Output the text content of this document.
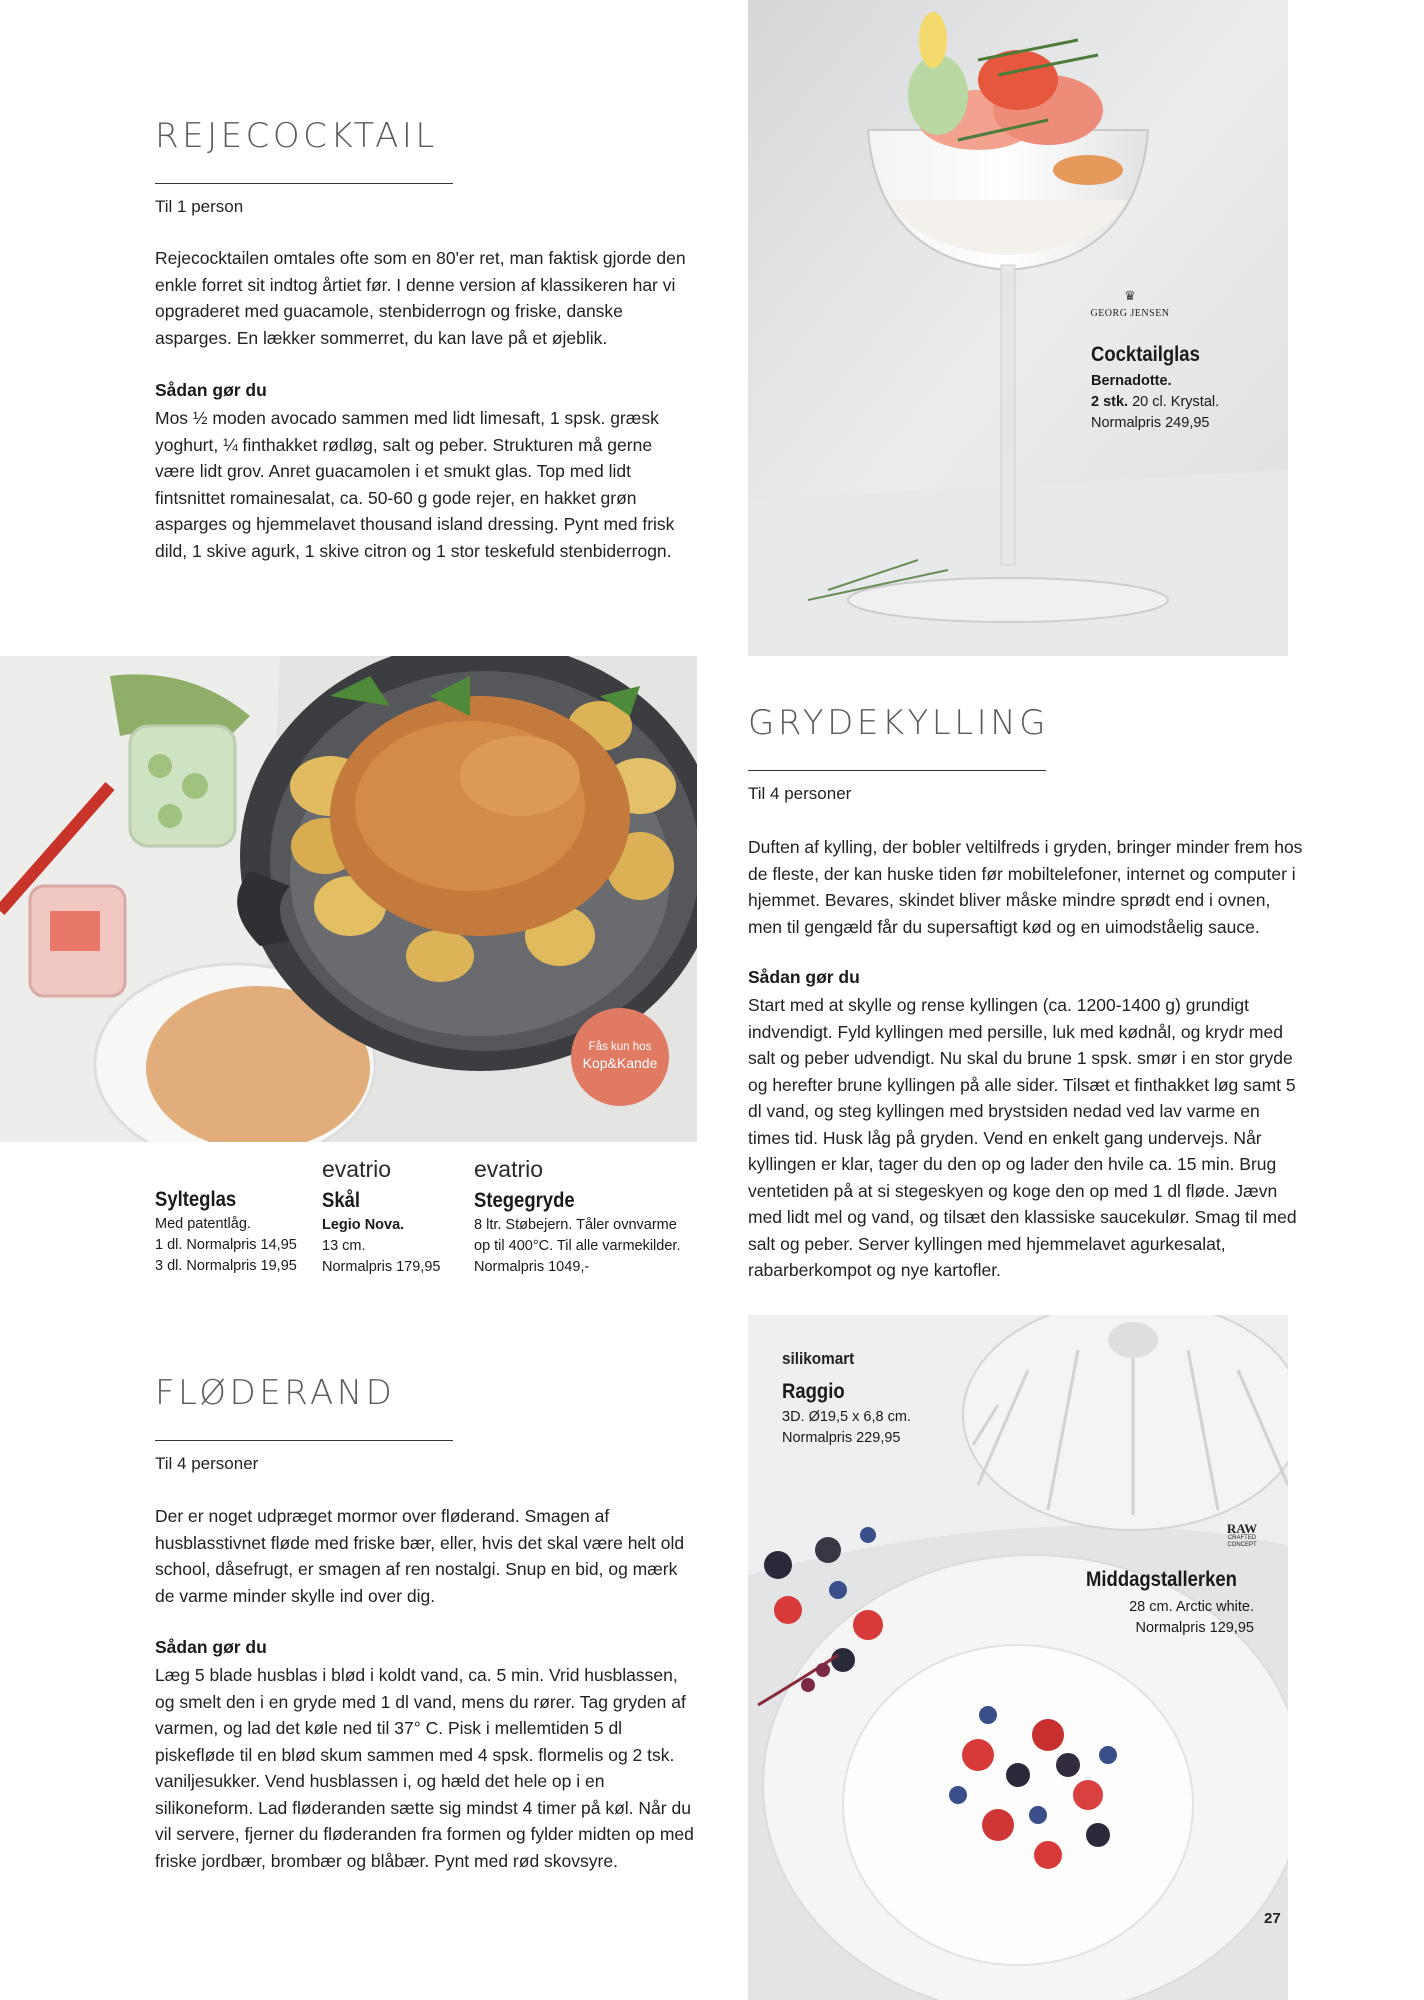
REJECOCKTAIL
Til 1 person
Rejecocktailen omtales ofte som en 80'er ret, man faktisk gjorde den enkle forret sit indtog årtiet før. I denne version af klassikeren har vi opgraderet med guacamole, stenbiderrogn og friske, danske asparges. En lækker sommerret, du kan lave på et øjeblik.
Sådan gør du
Mos ½ moden avocado sammen med lidt limesaft, 1 spsk. græsk yoghurt, ¼ finthakket rødløg, salt og peber. Strukturen må gerne være lidt grov. Anret guacamolen i et smukt glas. Top med lidt fintsnittet romainesalat, ca. 50-60 g gode rejer, en hakket grøn asparges og hjemmelavet thousand island dressing. Pynt med frisk dild, 1 skive agurk, 1 skive citron og 1 stor teskefuld stenbiderrogn.
♛
GEORG JENSEN
Cocktailglas
Bernadotte.
2 stk. 20 cl. Krystal.
Normalpris 249,95
Fås kun hos
Kop&Kande
Sylteglas
Med patentlåg.
1 dl. Normalpris 14,95
3 dl. Normalpris 19,95
evatrio
Skål
Legio Nova.
13 cm.
Normalpris 179,95
evatrio
Stegegryde
8 ltr. Støbejern. Tåler ovnvarme
op til 400°C. Til alle varmekilder.
Normalpris 1049,-
GRYDEKYLLING
Til 4 personer
Duften af kylling, der bobler veltilfreds i gryden, bringer minder frem hos de fleste, der kan huske tiden før mobiltelefoner, internet og computer i hjemmet. Bevares, skindet bliver måske mindre sprødt end i ovnen, men til gengæld får du supersaftigt kød og en uimodståelig sauce.
Sådan gør du
Start med at skylle og rense kyllingen (ca. 1200-1400 g) grundigt indvendigt. Fyld kyllingen med persille, luk med kødnål, og krydr med salt og peber udvendigt. Nu skal du brune 1 spsk. smør i en stor gryde og herefter brune kyllingen på alle sider. Tilsæt et finthakket løg samt 5 dl vand, og steg kyllingen med brystsiden nedad ved lav varme en times tid. Husk låg på gryden. Vend en enkelt gang undervejs. Når kyllingen er klar, tager du den op og lader den hvile ca. 15 min. Brug ventetiden på at si stegeskyen og koge den op med 1 dl fløde. Jævn med lidt mel og vand, og tilsæt den klassiske saucekulør. Smag til med salt og peber. Server kyllingen med hjemmelavet agurkesalat, rabarberkompot og nye kartofler.
FLØDERAND
Til 4 personer
Der er noget udpræget mormor over fløderand. Smagen af husblasstivnet fløde med friske bær, eller, hvis det skal være helt old school, dåsefrugt, er smagen af ren nostalgi. Snup en bid, og mærk de varme minder skylle ind over dig.
Sådan gør du
Læg 5 blade husblas i blød i koldt vand, ca. 5 min. Vrid husblassen, og smelt den i en gryde med 1 dl vand, mens du rører. Tag gryden af varmen, og lad det køle ned til 37° C. Pisk i mellemtiden 5 dl piskefløde til en blød skum sammen med 4 spsk. flormelis og 2 tsk. vaniljesukker. Vend husblassen i, og hæld det hele op i en silikoneform. Lad fløderanden sætte sig mindst 4 timer på køl. Når du vil servere, fjerner du fløderanden fra formen og fylder midten op med friske jordbær, brombær og blåbær. Pynt med rød skovsyre.
silikomart
Raggio
3D. Ø19,5 x 6,8 cm.
Normalpris 229,95
RAW
CRAFTED CONCEPT
Middagstallerken
28 cm. Arctic white.
Normalpris 129,95
27
